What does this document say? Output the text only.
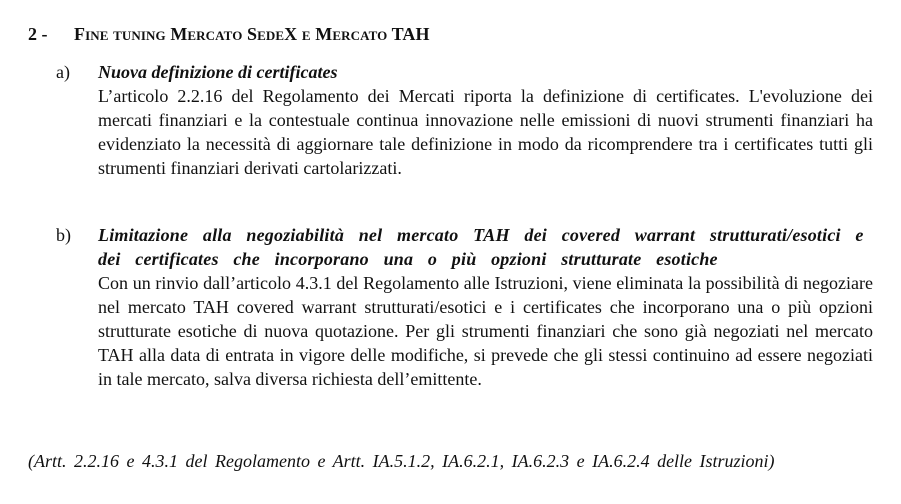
2 - Fine tuning Mercato SedeX e Mercato TAH
a) Nuova definizione di certificates
L’articolo 2.2.16 del Regolamento dei Mercati riporta la definizione di certificates. L'evoluzione dei mercati finanziari e la contestuale continua innovazione nelle emissioni di nuovi strumenti finanziari ha evidenziato la necessità di aggiornare tale definizione in modo da ricomprendere tra i certificates tutti gli strumenti finanziari derivati cartolarizzati.
b) Limitazione alla negoziabilità nel mercato TAH dei covered warrant strutturati/esotici e dei certificates che incorporano una o più opzioni strutturate esotiche
Con un rinvio dall’articolo 4.3.1 del Regolamento alle Istruzioni, viene eliminata la possibilità di negoziare nel mercato TAH covered warrant strutturati/esotici e i certificates che incorporano una o più opzioni strutturate esotiche di nuova quotazione. Per gli strumenti finanziari che sono già negoziati nel mercato TAH alla data di entrata in vigore delle modifiche, si prevede che gli stessi continuino ad essere negoziati in tale mercato, salva diversa richiesta dell’emittente.
(Artt. 2.2.16 e 4.3.1 del Regolamento e Artt. IA.5.1.2, IA.6.2.1, IA.6.2.3 e IA.6.2.4 delle Istruzioni)
